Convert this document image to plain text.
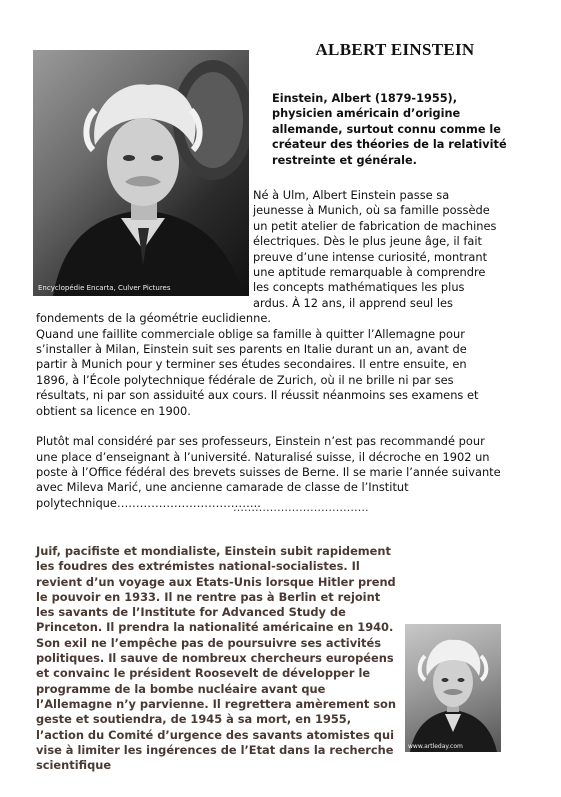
Encyclopédie Encarta, Culver Pictures
ALBERT EINSTEIN

Einstein, Albert (1879-1955), physicien américain d’origine allemande, surtout connu comme le créateur des théories de la relativité restreinte et générale.

Né à Ulm, Albert Einstein passe sa jeunesse à Munich, où sa famille possède un petit atelier de fabrication de machines électriques. Dès le plus jeune âge, il fait preuve d’une intense curiosité, montrant une aptitude remarquable à comprendre les concepts mathématiques les plus ardus. À 12 ans, il apprend seul les fondements de la géométrie euclidienne.

Quand une faillite commerciale oblige sa famille à quitter l’Allemagne pour s’installer à Milan, Einstein suit ses parents en Italie durant un an, avant de partir à Munich pour y terminer ses études secondaires. Il entre ensuite, en 1896, à l’École polytechnique fédérale de Zurich, où il ne brille ni par ses résultats, ni par son assiduité aux cours. Il réussit néanmoins ses examens et obtient sa licence en 1900.

Plutôt mal considéré par ses professeurs, Einstein n’est pas recommandé pour une place d’enseignant à l’université. Naturalisé suisse, il décroche en 1902 un poste à l’Office fédéral des brevets suisses de Berne. Il se marie l’année suivante avec Mileva Marić, une ancienne camarade de classe de l’Institut polytechnique………………………………..

……………………………….

Juif, pacifiste et mondialiste, Einstein subit rapidement les foudres des extrémistes national-socialistes. Il revient d’un voyage aux Etats-Unis lorsque Hitler prend le pouvoir en 1933. Il ne rentre pas à Berlin et rejoint les savants de l’Institute for Advanced Study de Princeton. Il prendra la nationalité américaine en 1940. Son exil ne l’empêche pas de poursuivre ses activités politiques. Il sauve de nombreux chercheurs européens et convainc le président Roosevelt de développer le programme de la bombe nucléaire avant que l’Allemagne n’y parvienne. Il regrettera amèrement son geste et soutiendra, de 1945 à sa mort, en 1955, l’action du Comité d’urgence des savants atomistes qui vise à limiter les ingérences de l’Etat dans la recherche scientifique

www.artleday.com
